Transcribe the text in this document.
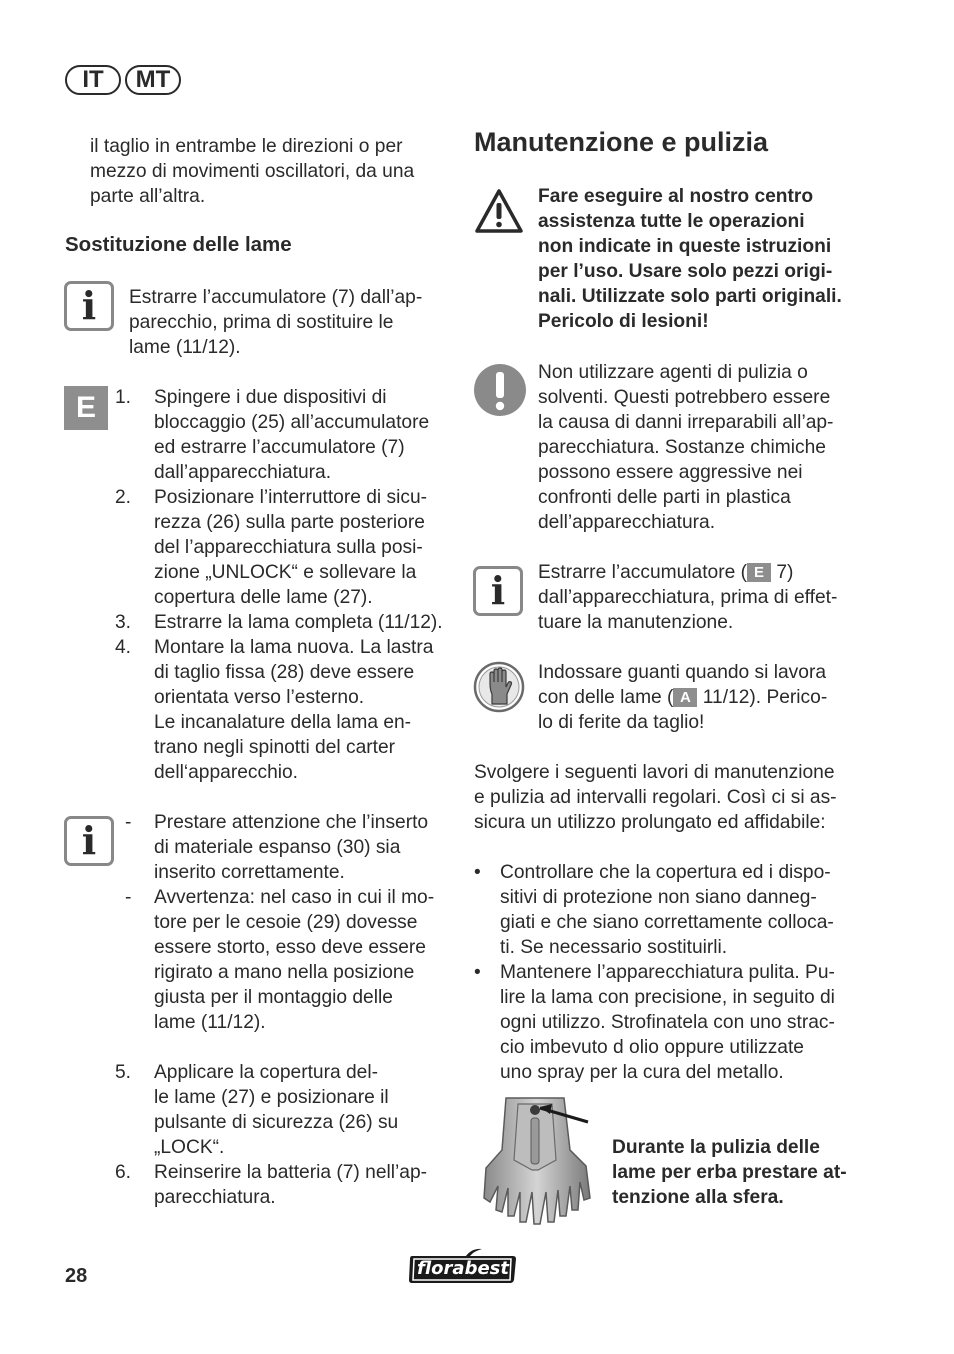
IT	MT
il taglio in entrambe le direzioni o per
mezzo di movimenti oscillatori, da una
parte all’altra.
Sostituzione delle lame
i Estrarre l’accumulatore (7) dall’ap-
parecchio, prima di sostituire le
lame (11/12).
E 1.	Spingere i due dispositivi di
bloccaggio (25) all’accumulatore
ed estrarre l’accumulatore (7)
dall’apparecchiatura.
2.	Posizionare l’interruttore di sicu-
rezza (26) sulla parte posteriore
del l’apparecchiatura sulla posi-
zione „UNLOCK“ e sollevare la
copertura delle lame (27).
3.	Estrarre la lama completa (11/12).
4.	Montare la lama nuova. La lastra
di taglio fissa (28) deve essere
orientata verso l’esterno.
Le incanalature della lama en-
trano negli spinotti del carter
dell‘apparecchio.
i -	Prestare attenzione che l’inserto
di materiale espanso (30) sia
inserito correttamente.
-	Avvertenza: nel caso in cui il mo-
tore per le cesoie (29) dovesse
essere storto, esso deve essere
rigirato a mano nella posizione
giusta per il montaggio delle
lame (11/12).
5.	Applicare la copertura del-
le lame (27) e posizionare il
pulsante di sicurezza (26) su
„LOCK“.
6.	Reinserire la batteria (7) nell’ap-
parecchiatura.
Manutenzione e pulizia
Fare eseguire al nostro centro
assistenza tutte le operazioni
non indicate in queste istruzioni
per l’uso. Usare solo pezzi origi-
nali. Utilizzate solo parti originali.
Pericolo di lesioni!
Non utilizzare agenti di pulizia o
solventi. Questi potrebbero essere
la causa di danni irreparabili all’ap-
parecchiatura. Sostanze chimiche
possono essere aggressive nei
confronti delle parti in plastica
dell’apparecchiatura.
i Estrarre l’accumulatore ( E 7)
dall’apparecchiatura, prima di effet-
tuare la manutenzione.
Indossare guanti quando si lavora
con delle lame ( A 11/12). Perico-
lo di ferite da taglio!
Svolgere i seguenti lavori di manutenzione
e pulizia ad intervalli regolari. Così ci si as-
sicura un utilizzo prolungato ed affidabile:
•	Controllare che la copertura ed i dispo-
sitivi di protezione non siano danneg-
giati e che siano correttamente colloca-
ti. Se necessario sostituirli.
•	Mantenere l’apparecchiatura pulita. Pu-
lire la lama con precisione, in seguito di
ogni utilizzo. Strofinatela con uno strac-
cio imbevuto d olio oppure utilizzate
uno spray per la cura del metallo.
Durante la pulizia delle
lame per erba prestare at-
tenzione alla sfera.
28	florabest
